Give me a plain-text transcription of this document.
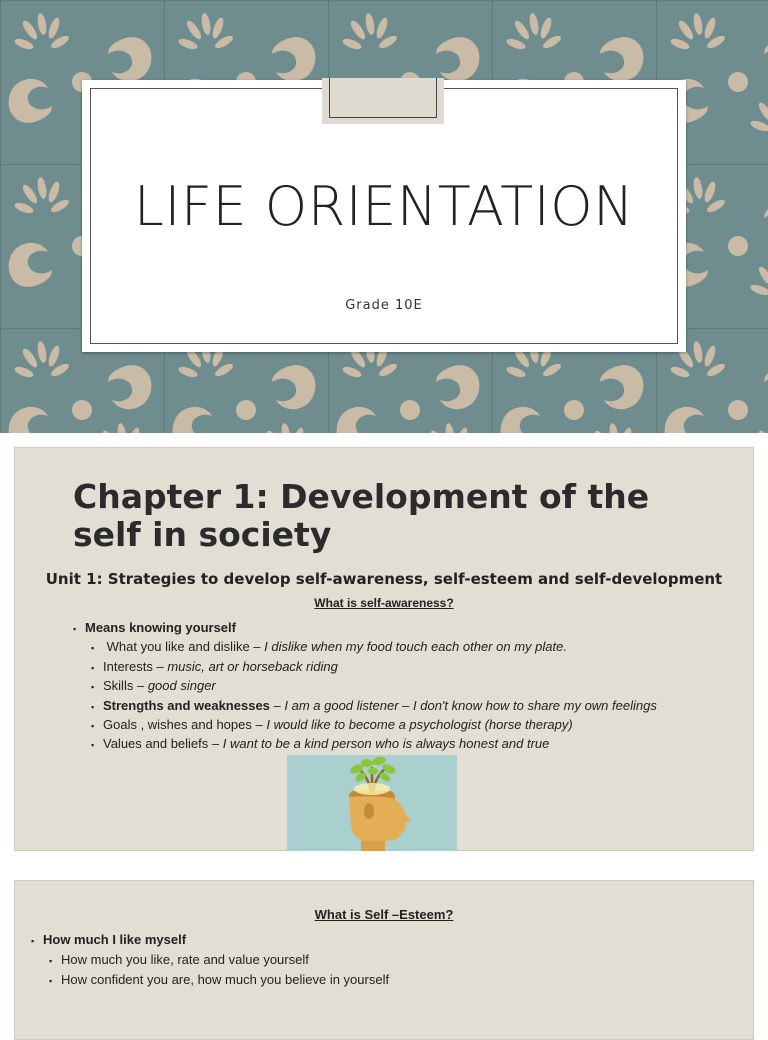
LIFE ORIENTATION
Grade 10E
Chapter 1: Development of the self in society
Unit 1: Strategies to develop self-awareness, self-esteem and self-development
What is self-awareness?
▪ Means knowing yourself
▪ What you like and dislike – I dislike when my food touch each other on my plate.
▪ Interests – music, art or horseback riding
▪ Skills – good singer
▪ Strengths and weaknesses – I am a good listener – I don't know how to share my own feelings
▪ Goals , wishes and hopes – I would like to become a psychologist (horse therapy)
▪ Values and beliefs – I want to be a kind person who is always honest and true
What is Self –Esteem?
▪ How much I like myself
▪ How much you like, rate and value yourself
▪ How confident you are, how much you believe in yourself
